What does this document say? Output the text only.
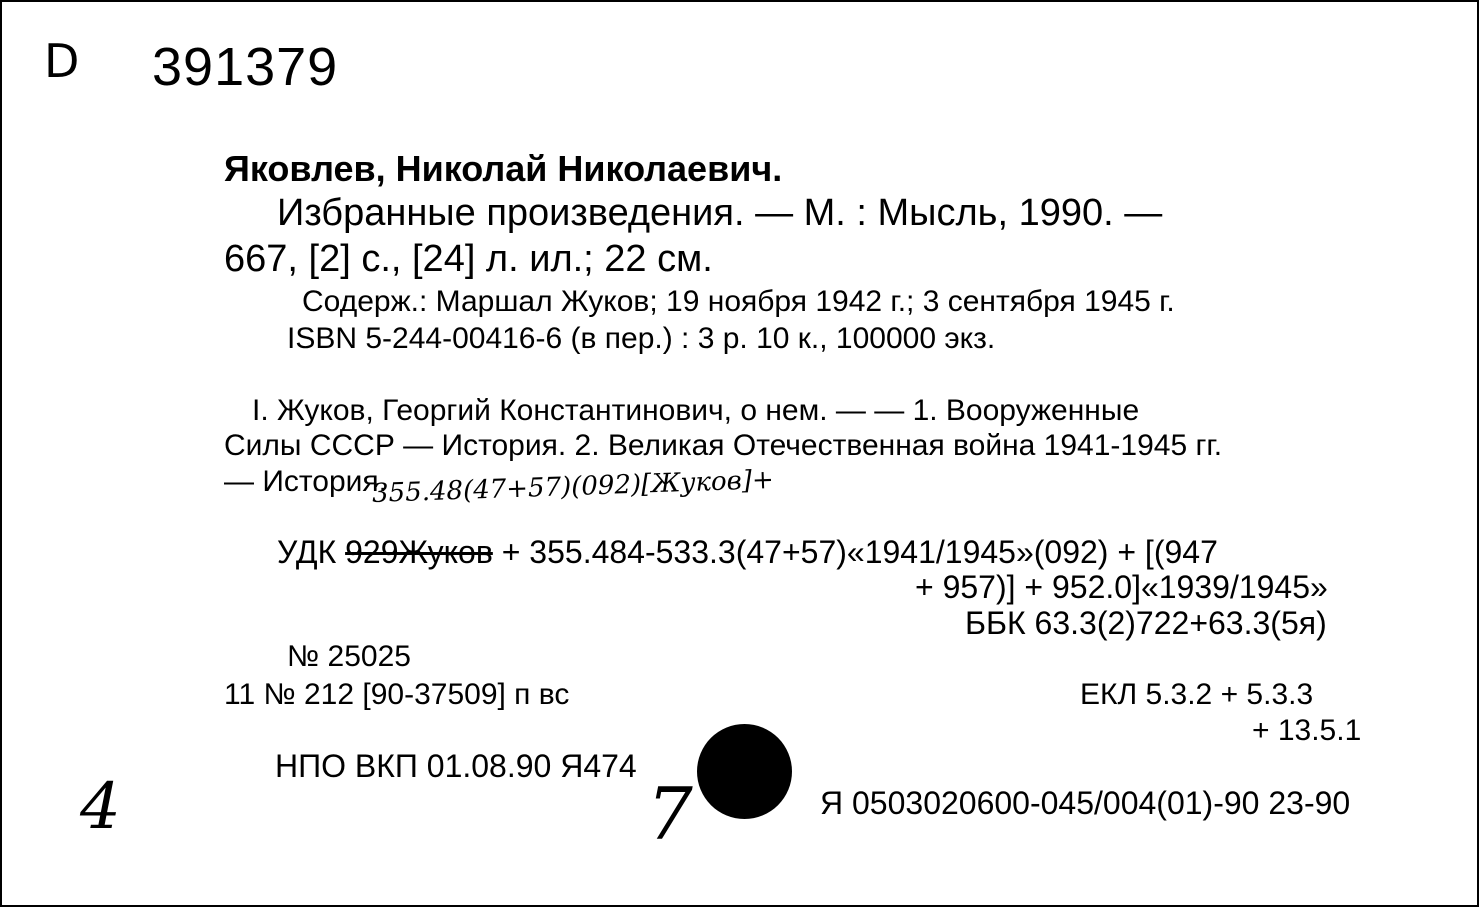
D 391379
Яковлев, Николай Николаевич.
Избранные произведения. — М. : Мысль, 1990. —
667, [2] с., [24] л. ил.; 22 см.
Содерж.: Маршал Жуков; 19 ноября 1942 г.; 3 сентября 1945 г.
ISBN 5-244-00416-6 (в пер.) : 3 р. 10 к., 100000 экз.
I. Жуков, Георгий Константинович, о нем. — — 1. Вооруженные
Силы СССР — История. 2. Великая Отечественная война 1941-1945 гг.
— История.
355.48(47+57)(092)[Жуков]+
УДК 929Жуков + 355.484-533.3(47+57)«1941/1945»(092) + [(947
+ 957)] + 952.0]«1939/1945»
ББК 63.3(2)722+63.3(5я)
№ 25025
11 № 212 [90-37509] п вс	ЕКЛ 5.3.2 + 5.3.3
+ 13.5.1
НПО ВКП 01.08.90 Я474
Я 0503020600-045/004(01)-90 23-90
4	7
